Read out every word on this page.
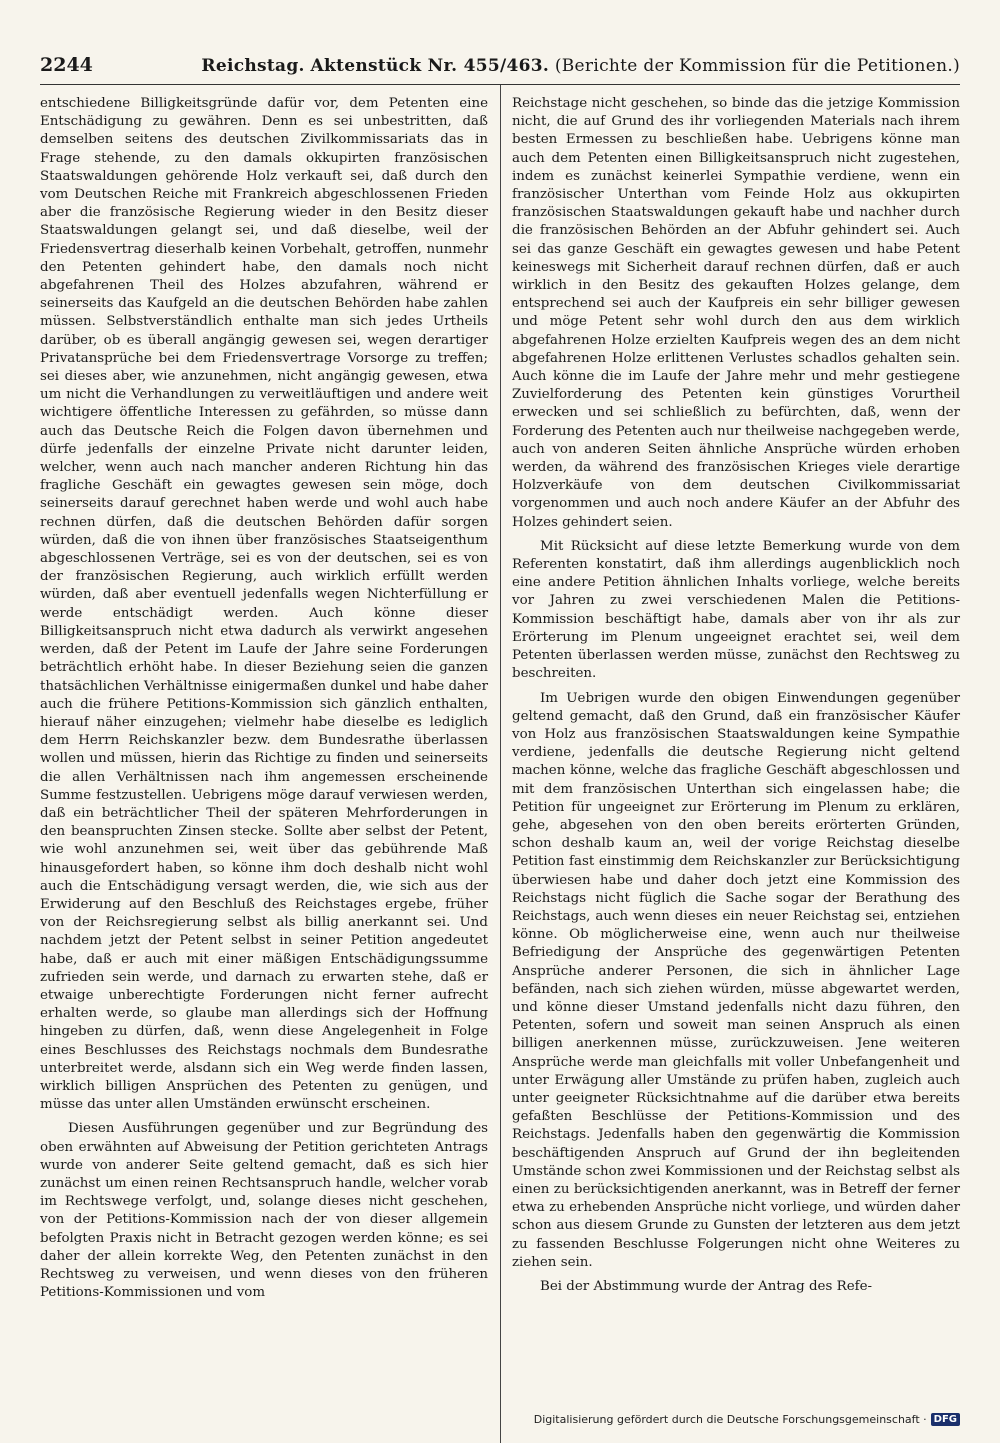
2244	Reichstag. Aktenstück Nr. 455/463. (Berichte der Kommission für die Petitionen.)

entschiedene Billigkeitsgründe dafür vor, dem Petenten eine Entschädigung zu gewähren. Denn es sei unbestritten, daß demselben seitens des deutschen Zivilkommissariats das in Frage stehende, zu den damals okkupirten französischen Staatswaldungen gehörende Holz verkauft sei, daß durch den vom Deutschen Reiche mit Frankreich abgeschlossenen Frieden aber die französische Regierung wieder in den Besitz dieser Staatswaldungen gelangt sei, und daß dieselbe, weil der Friedensvertrag dieserhalb keinen Vorbehalt, getroffen, nunmehr den Petenten gehindert habe, den damals noch nicht abgefahrenen Theil des Holzes abzufahren, während er seinerseits das Kaufgeld an die deutschen Behörden habe zahlen müssen. Selbstverständlich enthalte man sich jedes Urtheils darüber, ob es überall angängig gewesen sei, wegen derartiger Privatansprüche bei dem Friedensvertrage Vorsorge zu treffen; sei dieses aber, wie anzunehmen, nicht angängig gewesen, etwa um nicht die Verhandlungen zu verweitläuftigen und andere weit wichtigere öffentliche Interessen zu gefährden, so müsse dann auch das Deutsche Reich die Folgen davon übernehmen und dürfe jedenfalls der einzelne Private nicht darunter leiden, welcher, wenn auch nach mancher anderen Richtung hin das fragliche Geschäft ein gewagtes gewesen sein möge, doch seinerseits darauf gerechnet haben werde und wohl auch habe rechnen dürfen, daß die deutschen Behörden dafür sorgen würden, daß die von ihnen über französisches Staatseigenthum abgeschlossenen Verträge, sei es von der deutschen, sei es von der französischen Regierung, auch wirklich erfüllt werden würden, daß aber eventuell jedenfalls wegen Nichterfüllung er werde entschädigt werden. Auch könne dieser Billigkeitsanspruch nicht etwa dadurch als verwirkt angesehen werden, daß der Petent im Laufe der Jahre seine Forderungen beträchtlich erhöht habe. In dieser Beziehung seien die ganzen thatsächlichen Verhältnisse einigermaßen dunkel und habe daher auch die frühere Petitions-Kommission sich gänzlich enthalten, hierauf näher einzugehen; vielmehr habe dieselbe es lediglich dem Herrn Reichskanzler bezw. dem Bundesrathe überlassen wollen und müssen, hierin das Richtige zu finden und seinerseits die allen Verhältnissen nach ihm angemessen erscheinende Summe festzustellen. Uebrigens möge darauf verwiesen werden, daß ein beträchtlicher Theil der späteren Mehrforderungen in den beanspruchten Zinsen stecke. Sollte aber selbst der Petent, wie wohl anzunehmen sei, weit über das gebührende Maß hinausgefordert haben, so könne ihm doch deshalb nicht wohl auch die Entschädigung versagt werden, die, wie sich aus der Erwiderung auf den Beschluß des Reichstages ergebe, früher von der Reichsregierung selbst als billig anerkannt sei. Und nachdem jetzt der Petent selbst in seiner Petition angedeutet habe, daß er auch mit einer mäßigen Entschädigungssumme zufrieden sein werde, und darnach zu erwarten stehe, daß er etwaige unberechtigte Forderungen nicht ferner aufrecht erhalten werde, so glaube man allerdings sich der Hoffnung hingeben zu dürfen, daß, wenn diese Angelegenheit in Folge eines Beschlusses des Reichstags nochmals dem Bundesrathe unterbreitet werde, alsdann sich ein Weg werde finden lassen, wirklich billigen Ansprüchen des Petenten zu genügen, und müsse das unter allen Umständen erwünscht erscheinen.

Diesen Ausführungen gegenüber und zur Begründung des oben erwähnten auf Abweisung der Petition gerichteten Antrags wurde von anderer Seite geltend gemacht, daß es sich hier zunächst um einen reinen Rechtsanspruch handle, welcher vorab im Rechtswege verfolgt, und, solange dieses nicht geschehen, von der Petitions-Kommission nach der von dieser allgemein befolgten Praxis nicht in Betracht gezogen werden könne; es sei daher der allein korrekte Weg, den Petenten zunächst in den Rechtsweg zu verweisen, und wenn dieses von den früheren Petitions-Kommissionen und vom

Reichstage nicht geschehen, so binde das die jetzige Kommission nicht, die auf Grund des ihr vorliegenden Materials nach ihrem besten Ermessen zu beschließen habe. Uebrigens könne man auch dem Petenten einen Billigkeitsanspruch nicht zugestehen, indem es zunächst keinerlei Sympathie verdiene, wenn ein französischer Unterthan vom Feinde Holz aus okkupirten französischen Staatswaldungen gekauft habe und nachher durch die französischen Behörden an der Abfuhr gehindert sei. Auch sei das ganze Geschäft ein gewagtes gewesen und habe Petent keineswegs mit Sicherheit darauf rechnen dürfen, daß er auch wirklich in den Besitz des gekauften Holzes gelange, dem entsprechend sei auch der Kaufpreis ein sehr billiger gewesen und möge Petent sehr wohl durch den aus dem wirklich abgefahrenen Holze erzielten Kaufpreis wegen des an dem nicht abgefahrenen Holze erlittenen Verlustes schadlos gehalten sein. Auch könne die im Laufe der Jahre mehr und mehr gestiegene Zuvielforderung des Petenten kein günstiges Vorurtheil erwecken und sei schließlich zu befürchten, daß, wenn der Forderung des Petenten auch nur theilweise nachgegeben werde, auch von anderen Seiten ähnliche Ansprüche würden erhoben werden, da während des französischen Krieges viele derartige Holzverkäufe von dem deutschen Civilkommissariat vorgenommen und auch noch andere Käufer an der Abfuhr des Holzes gehindert seien.

Mit Rücksicht auf diese letzte Bemerkung wurde von dem Referenten konstatirt, daß ihm allerdings augenblicklich noch eine andere Petition ähnlichen Inhalts vorliege, welche bereits vor Jahren zu zwei verschiedenen Malen die Petitions-Kommission beschäftigt habe, damals aber von ihr als zur Erörterung im Plenum ungeeignet erachtet sei, weil dem Petenten überlassen werden müsse, zunächst den Rechtsweg zu beschreiten.

Im Uebrigen wurde den obigen Einwendungen gegenüber geltend gemacht, daß den Grund, daß ein französischer Käufer von Holz aus französischen Staatswaldungen keine Sympathie verdiene, jedenfalls die deutsche Regierung nicht geltend machen könne, welche das fragliche Geschäft abgeschlossen und mit dem französischen Unterthan sich eingelassen habe; die Petition für ungeeignet zur Erörterung im Plenum zu erklären, gehe, abgesehen von den oben bereits erörterten Gründen, schon deshalb kaum an, weil der vorige Reichstag dieselbe Petition fast einstimmig dem Reichskanzler zur Berücksichtigung überwiesen habe und daher doch jetzt eine Kommission des Reichstags nicht füglich die Sache sogar der Berathung des Reichstags, auch wenn dieses ein neuer Reichstag sei, entziehen könne. Ob möglicherweise eine, wenn auch nur theilweise Befriedigung der Ansprüche des gegenwärtigen Petenten Ansprüche anderer Personen, die sich in ähnlicher Lage befänden, nach sich ziehen würden, müsse abgewartet werden, und könne dieser Umstand jedenfalls nicht dazu führen, den Petenten, sofern und soweit man seinen Anspruch als einen billigen anerkennen müsse, zurückzuweisen. Jene weiteren Ansprüche werde man gleichfalls mit voller Unbefangenheit und unter Erwägung aller Umstände zu prüfen haben, zugleich auch unter geeigneter Rücksichtnahme auf die darüber etwa bereits gefaßten Beschlüsse der Petitions-Kommission und des Reichstags. Jedenfalls haben den gegenwärtig die Kommission beschäftigenden Anspruch auf Grund der ihn begleitenden Umstände schon zwei Kommissionen und der Reichstag selbst als einen zu berücksichtigenden anerkannt, was in Betreff der ferner etwa zu erhebenden Ansprüche nicht vorliege, und würden daher schon aus diesem Grunde zu Gunsten der letzteren aus dem jetzt zu fassenden Beschlusse Folgerungen nicht ohne Weiteres zu ziehen sein.

Bei der Abstimmung wurde der Antrag des Refe-

Digitalisierung gefördert durch die Deutsche Forschungsgemeinschaft · DFG
